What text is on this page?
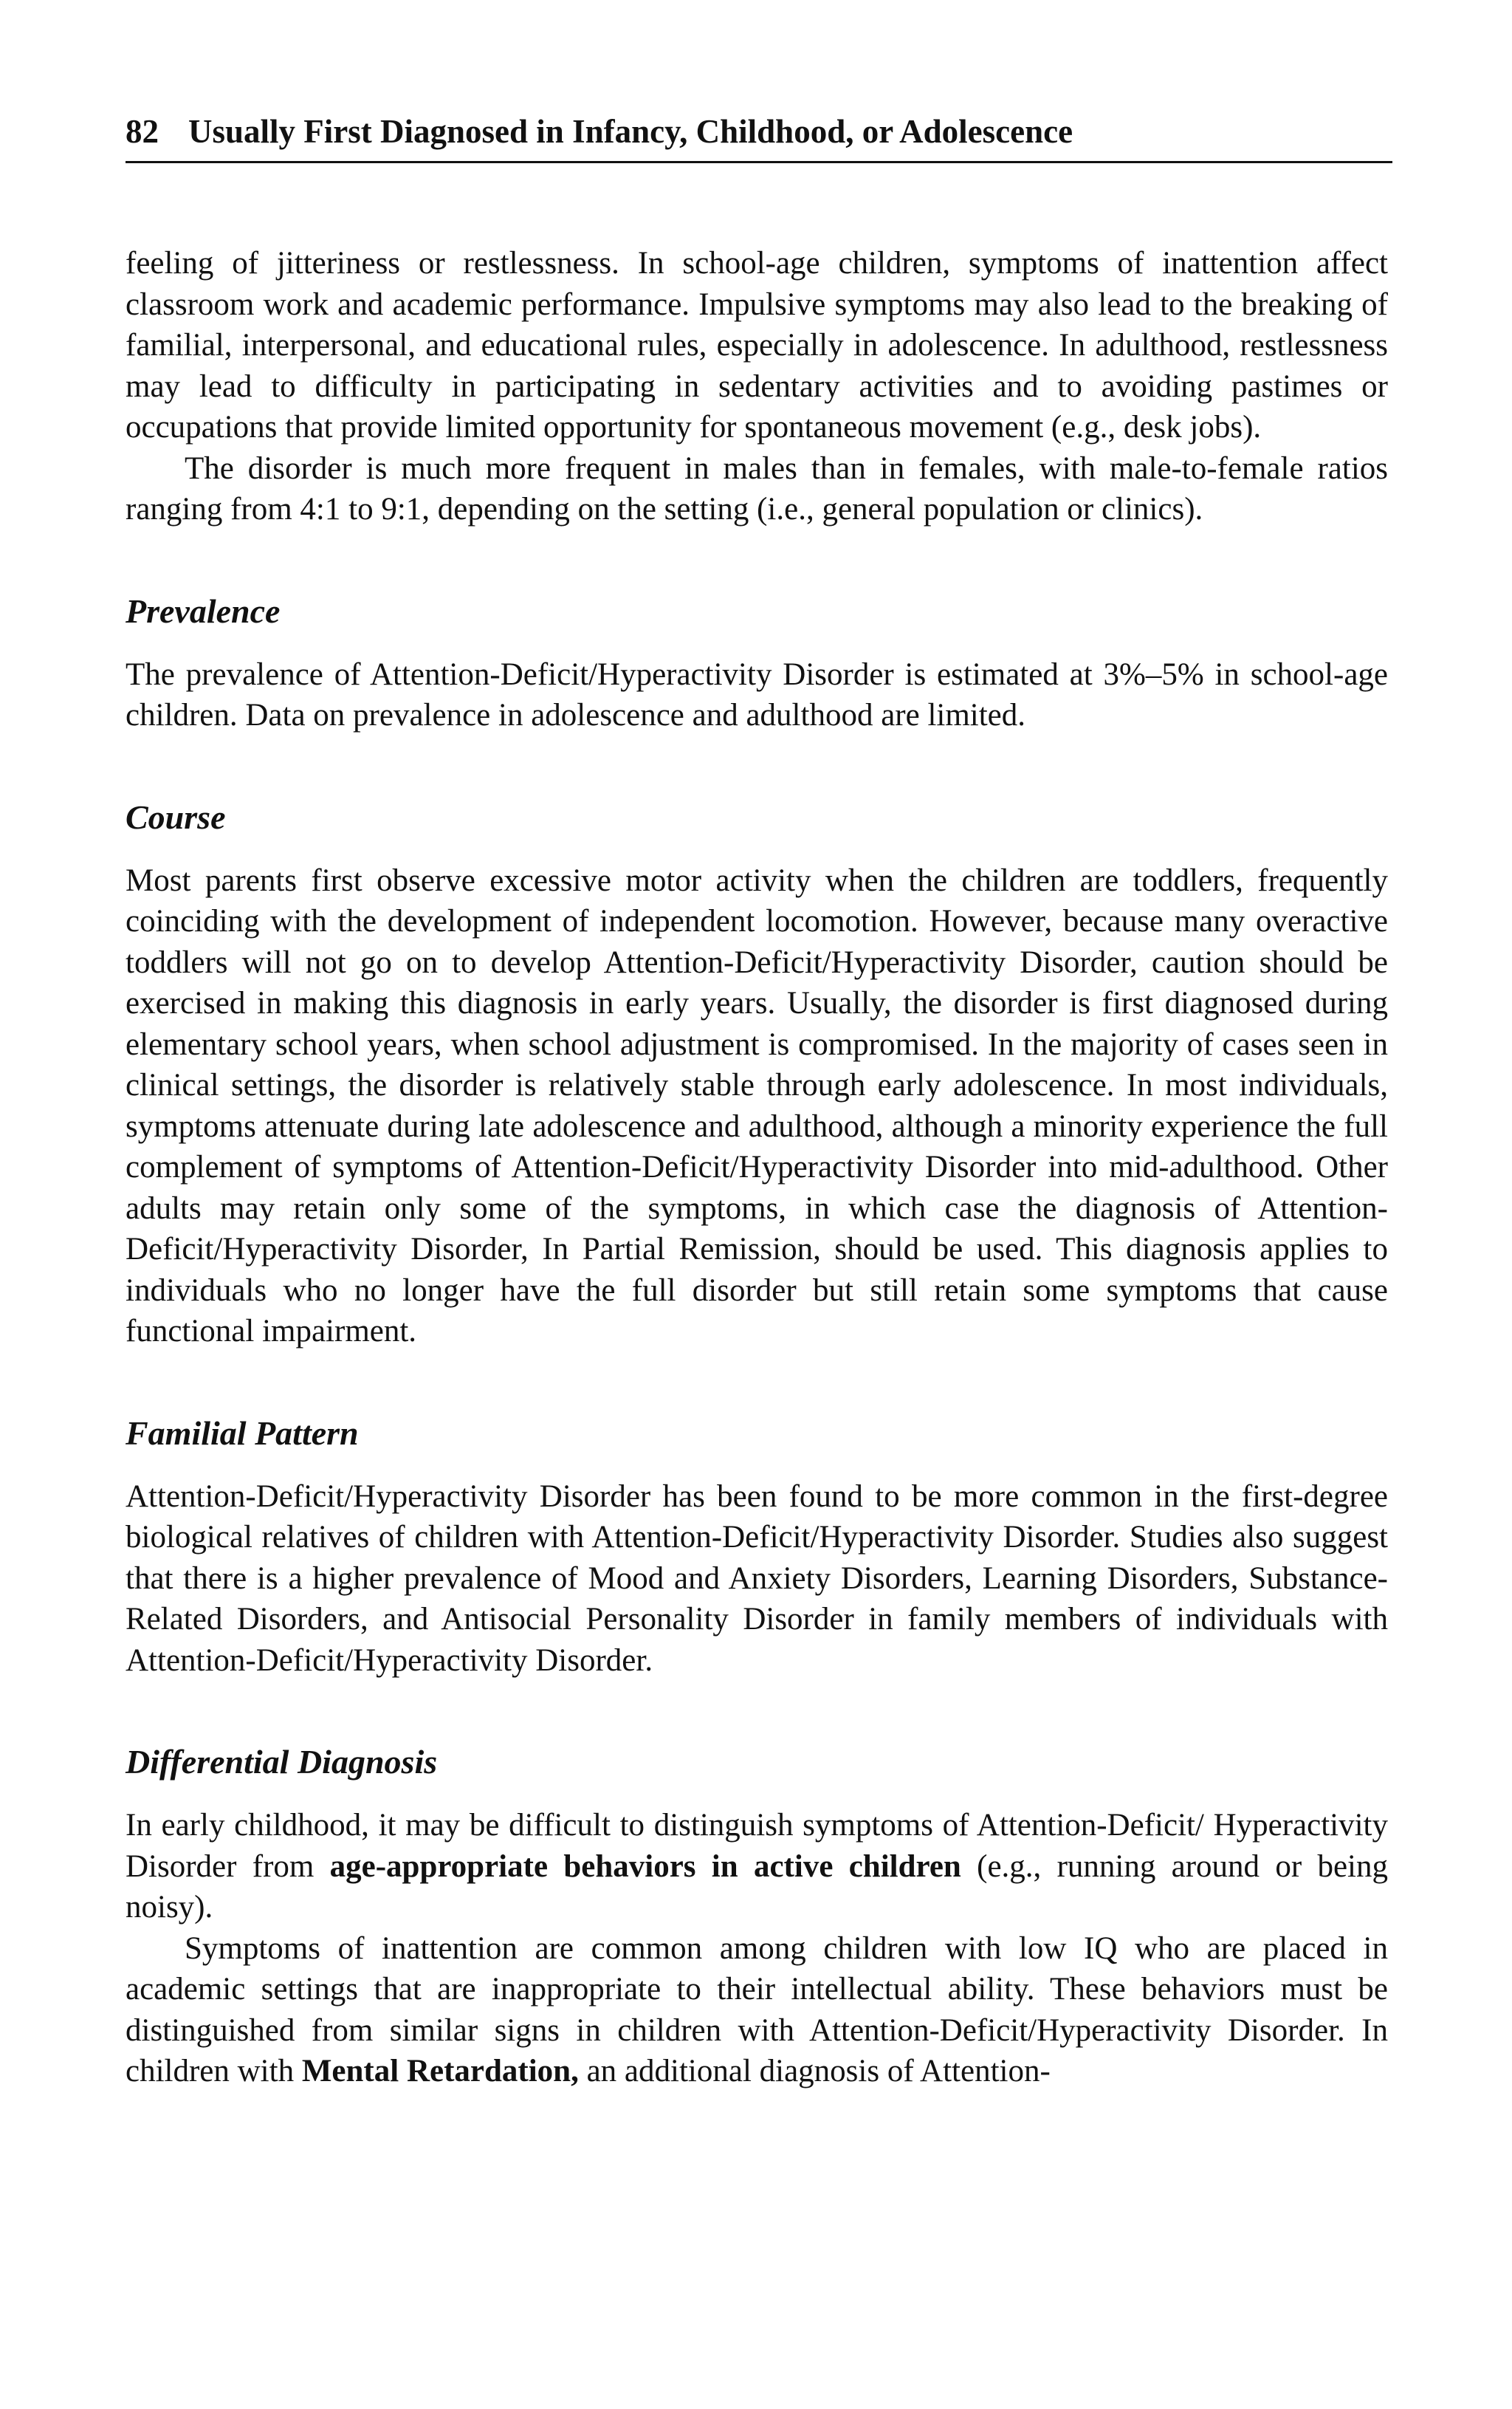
82 Usually First Diagnosed in Infancy, Childhood, or Adolescence

feeling of jitteriness or restlessness. In school-age children, symptoms of inattention affect classroom work and academic performance. Impulsive symptoms may also lead to the breaking of familial, interpersonal, and educational rules, especially in adolescence. In adulthood, restlessness may lead to difficulty in participating in sedentary activities and to avoiding pastimes or occupations that provide limited opportunity for spontaneous movement (e.g., desk jobs).

The disorder is much more frequent in males than in females, with male-to-female ratios ranging from 4:1 to 9:1, depending on the setting (i.e., general population or clinics).

Prevalence

The prevalence of Attention-Deficit/Hyperactivity Disorder is estimated at 3%–5% in school-age children. Data on prevalence in adolescence and adulthood are limited.

Course

Most parents first observe excessive motor activity when the children are toddlers, frequently coinciding with the development of independent locomotion. However, because many overactive toddlers will not go on to develop Attention-Deficit/Hyperactivity Disorder, caution should be exercised in making this diagnosis in early years. Usually, the disorder is first diagnosed during elementary school years, when school adjustment is compromised. In the majority of cases seen in clinical settings, the disorder is relatively stable through early adolescence. In most individuals, symptoms attenuate during late adolescence and adulthood, although a minority experience the full complement of symptoms of Attention-Deficit/Hyperactivity Disorder into mid-adulthood. Other adults may retain only some of the symptoms, in which case the diagnosis of Attention-Deficit/Hyperactivity Disorder, In Partial Remission, should be used. This diagnosis applies to individuals who no longer have the full disorder but still retain some symptoms that cause functional impairment.

Familial Pattern

Attention-Deficit/Hyperactivity Disorder has been found to be more common in the first-degree biological relatives of children with Attention-Deficit/Hyperactivity Disorder. Studies also suggest that there is a higher prevalence of Mood and Anxiety Disorders, Learning Disorders, Substance-Related Disorders, and Antisocial Personality Disorder in family members of individuals with Attention-Deficit/Hyperactivity Disorder.

Differential Diagnosis

In early childhood, it may be difficult to distinguish symptoms of Attention-Deficit/ Hyperactivity Disorder from age-appropriate behaviors in active children (e.g., running around or being noisy).

Symptoms of inattention are common among children with low IQ who are placed in academic settings that are inappropriate to their intellectual ability. These behaviors must be distinguished from similar signs in children with Attention-Deficit/Hyperactivity Disorder. In children with Mental Retardation, an additional diagnosis of Attention-
